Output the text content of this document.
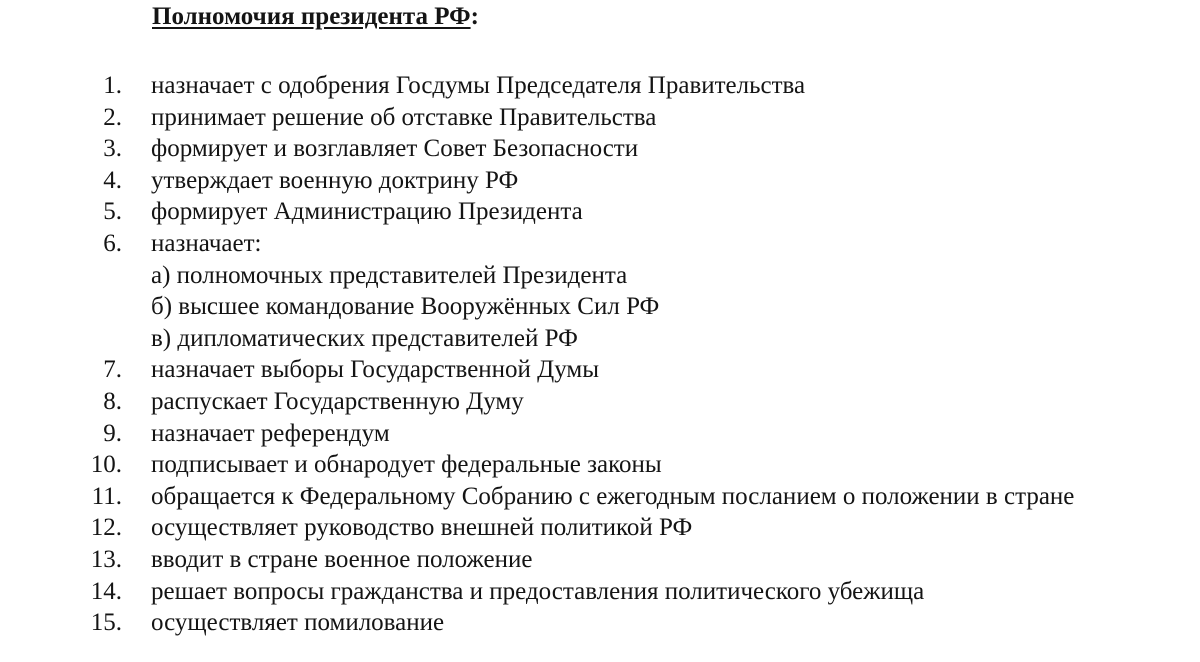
Полномочия президента РФ:
1. назначает с одобрения Госдумы Председателя Правительства
2. принимает решение об отставке Правительства
3. формирует и возглавляет Совет Безопасности
4. утверждает военную доктрину РФ
5. формирует Администрацию Президента
6. назначает:
а) полномочных представителей Президента
б) высшее командование Вооружённых Сил РФ
в) дипломатических представителей РФ
7. назначает выборы Государственной Думы
8. распускает Государственную Думу
9. назначает референдум
10. подписывает и обнародует федеральные законы
11. обращается к Федеральному Собранию с ежегодным посланием о положении в стране
12. осуществляет руководство внешней политикой РФ
13. вводит в стране военное положение
14. решает вопросы гражданства и предоставления политического убежища
15. осуществляет помилование
